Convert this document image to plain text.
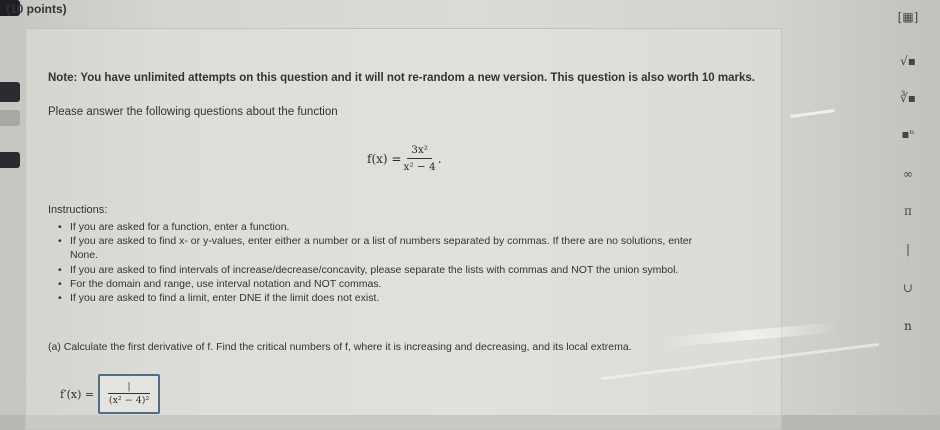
(10 points)
Note: You have unlimited attempts on this question and it will not re-random a new version. This question is also worth 10 marks.
Please answer the following questions about the function
$f(x) = \frac{\text{3x²}}{\text{x² − 4}}$ .
Instructions:
• If you are asked for a function, enter a function.
• If you are asked to find x- or y-values, enter either a number or a list of numbers separated by commas. If there are no solutions, enter
None.
• If you are asked to find intervals of increase/decrease/concavity, please separate the lists with commas and NOT the union symbol.
• For the domain and range, use interval notation and NOT commas.
• If you are asked to find a limit, enter DNE if the limit does not exist.
(a) Calculate the first derivative of f. Find the critical numbers of f, where it is increasing and decreasing, and its local extrema.
$f'(x) = \frac{|}{\text{(x² − 4)²}}$
[▦]
√▪
∛▪
▪ⁿ
∞
π
|
∪
n
